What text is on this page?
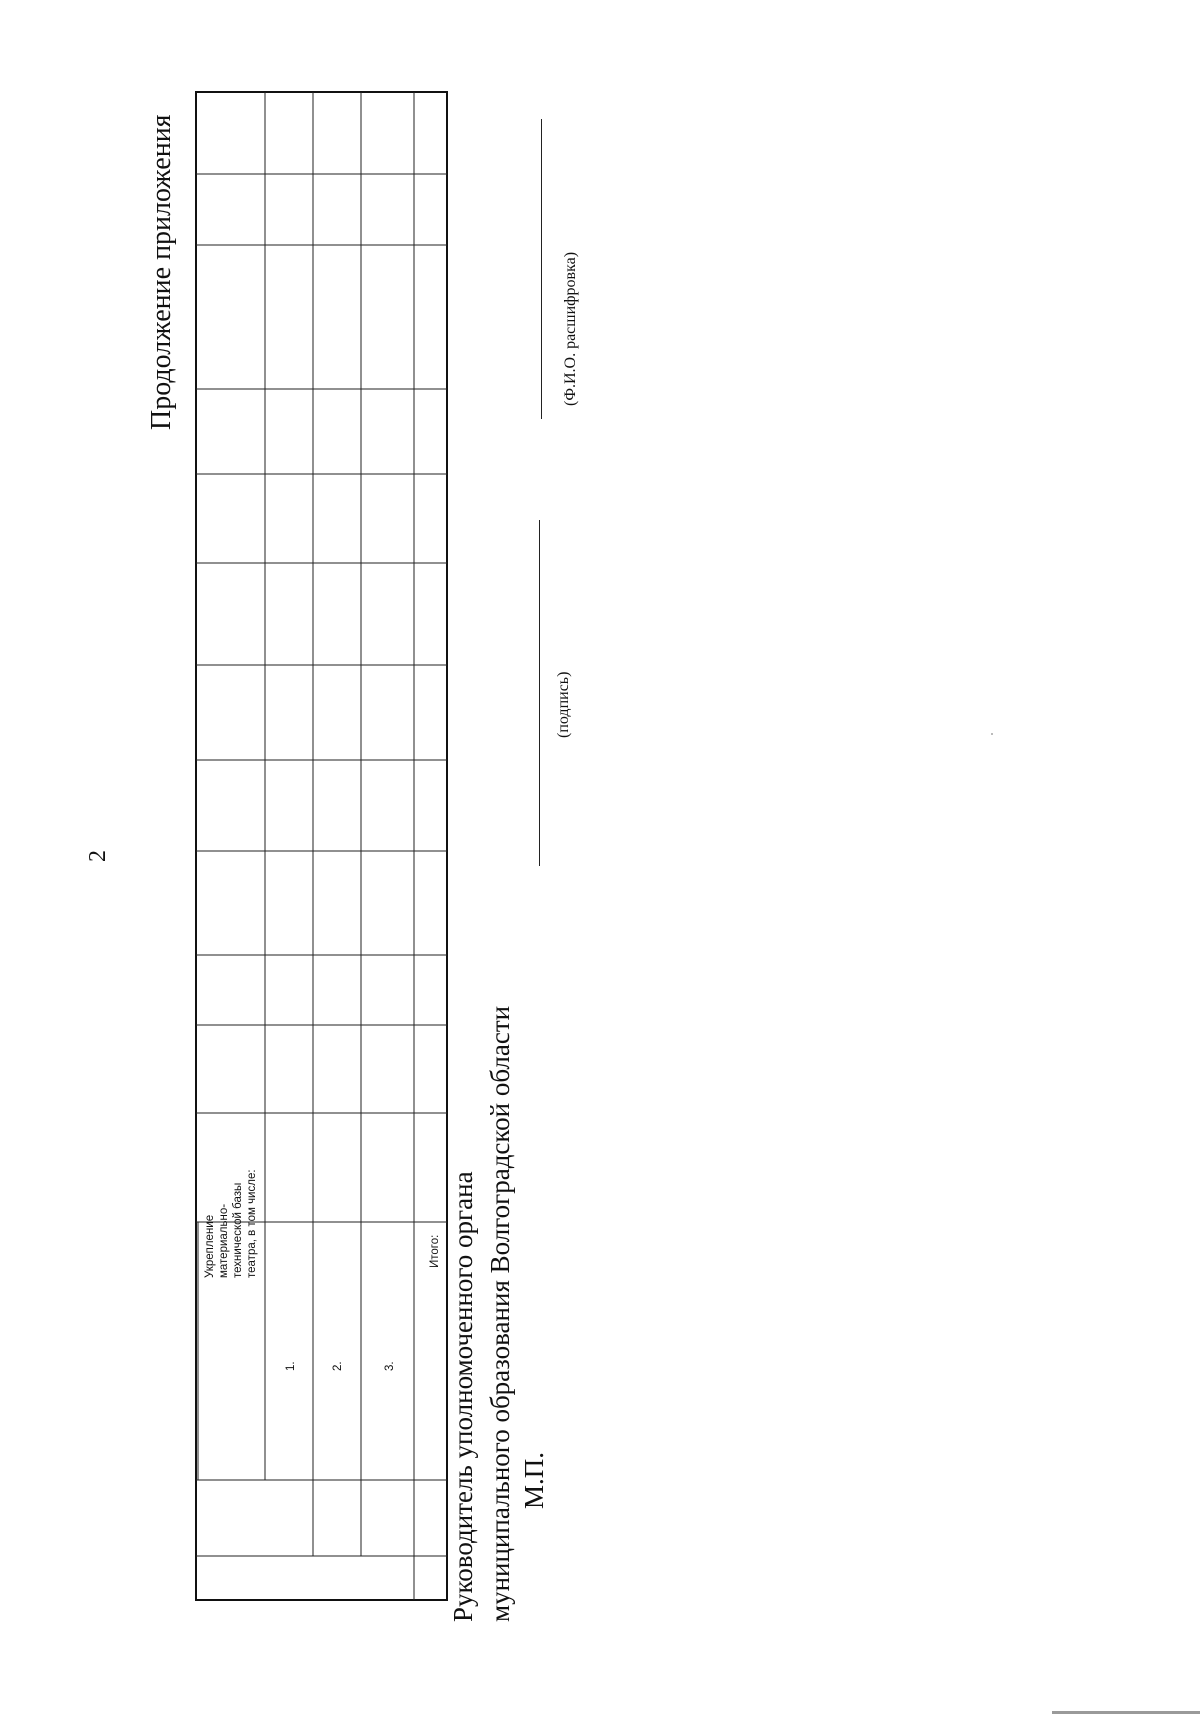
2
Продолжение приложения
Укрепление материально- технической базы театра, в том числе:
1.	2.	3.
Итого: Руководитель уполномоченного органа муниципального образования Волгоградской области М.П.
(подпись)
(Ф.И.О. расшифровка)
